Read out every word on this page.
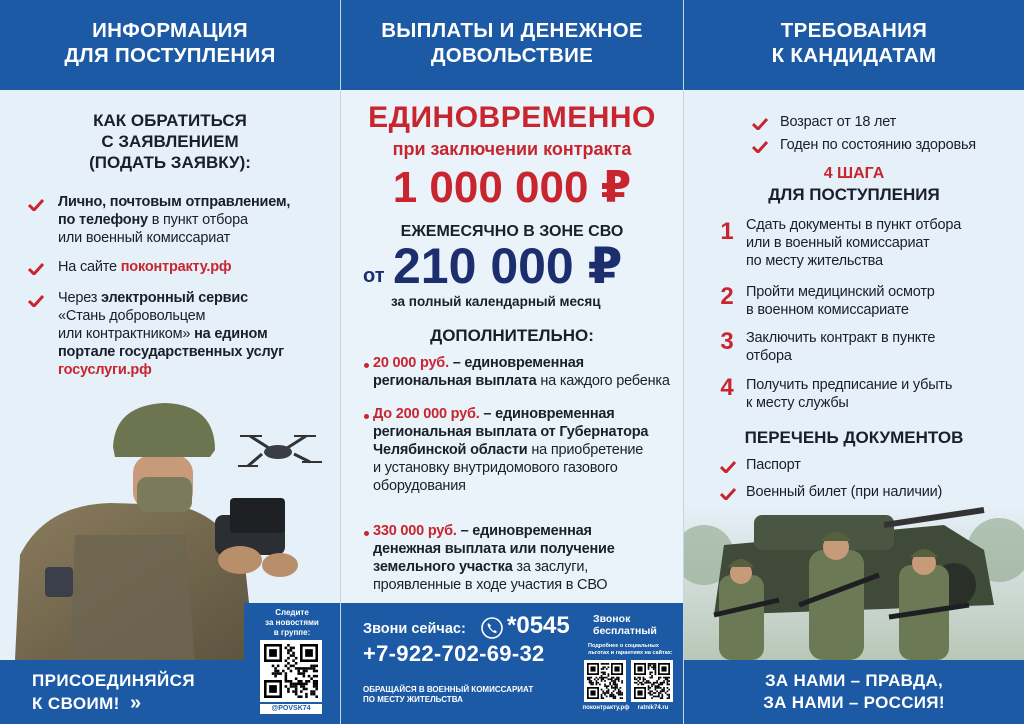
ИНФОРМАЦИЯ
ДЛЯ ПОСТУПЛЕНИЯ
КАК ОБРАТИТЬСЯ
С ЗАЯВЛЕНИЕМ
(ПОДАТЬ ЗАЯВКУ):
Лично, почтовым отправлением,
по телефону в пункт отбора
или военный комиссариат
На сайте поконтракту.рф
Через электронный сервис
«Стань добровольцем
или контрактником» на едином
портале государственных услуг
госуслуги.рф
Следите
за новостями
в группе:
@POVSK74
ПРИСОЕДИНЯЙСЯ
К СВОИМ! »
ВЫПЛАТЫ И ДЕНЕЖНОЕ
ДОВОЛЬСТВИЕ
ЕДИНОВРЕМЕННО
при заключении контракта
1 000 000 ₽
ЕЖЕМЕСЯЧНО В ЗОНЕ СВО
от 210 000 ₽
за полный календарный месяц
ДОПОЛНИТЕЛЬНО:
20 000 руб. – единовременная
региональная выплата на каждого ребенка
До 200 000 руб. – единовременная
региональная выплата от Губернатора
Челябинской области на приобретение
и установку внутридомового газового
оборудования
330 000 руб. – единовременная
денежная выплата или получение
земельного участка за заслуги,
проявленные в ходе участия в СВО
Звони сейчас: *0545 Звонок
бесплатный
+7-922-702-69-32
ОБРАЩАЙСЯ В ВОЕННЫЙ КОМИССАРИАТ
ПО МЕСТУ ЖИТЕЛЬСТВА
Подробнее о социальных
льготах и гарантиях на сайтах:
поконтракту.рф	ratnik74.ru
ТРЕБОВАНИЯ
К КАНДИДАТАМ
Возраст от 18 лет
Годен по состоянию здоровья
4 ШАГА
ДЛЯ ПОСТУПЛЕНИЯ
1 Сдать документы в пункт отбора
или в военный комиссариат
по месту жительства
2 Пройти медицинский осмотр
в военном комиссариате
3 Заключить контракт в пункте
отбора
4 Получить предписание и убыть
к месту службы
ПЕРЕЧЕНЬ ДОКУМЕНТОВ
Паспорт
Военный билет (при наличии)
ЗА НАМИ – ПРАВДА,
ЗА НАМИ – РОССИЯ!
